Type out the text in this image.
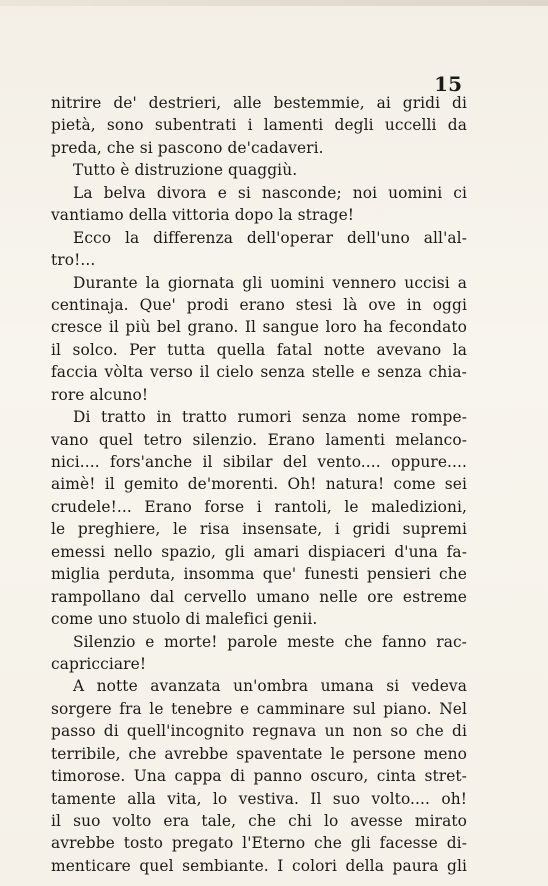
15
nitrire de' destrieri, alle bestemmie, ai gridi di
pietà, sono subentrati i lamenti degli uccelli da
preda, che si pascono de'cadaveri.
Tutto è distruzione quaggiù.
La belva divora e si nasconde; noi uomini ci
vantiamo della vittoria dopo la strage!
Ecco la differenza dell'operar dell'uno all'al-
tro!...
Durante la giornata gli uomini vennero uccisi a
centinaja. Que' prodi erano stesi là ove in oggi
cresce il più bel grano. Il sangue loro ha fecondato
il solco. Per tutta quella fatal notte avevano la
faccia vòlta verso il cielo senza stelle e senza chia-
rore alcuno!
Di tratto in tratto rumori senza nome rompe-
vano quel tetro silenzio. Erano lamenti melanco-
nici.... fors'anche il sibilar del vento.... oppure....
aimè! il gemito de'morenti. Oh! natura! come sei
crudele!... Erano forse i rantoli, le maledizioni,
le preghiere, le risa insensate, i gridi supremi
emessi nello spazio, gli amari dispiaceri d'una fa-
miglia perduta, insomma que' funesti pensieri che
rampollano dal cervello umano nelle ore estreme
come uno stuolo di malefici genii.
Silenzio e morte! parole meste che fanno rac-
capricciare!
A notte avanzata un'ombra umana si vedeva
sorgere fra le tenebre e camminare sul piano. Nel
passo di quell'incognito regnava un non so che di
terribile, che avrebbe spaventate le persone meno
timorose. Una cappa di panno oscuro, cinta stret-
tamente alla vita, lo vestiva. Il suo volto.... oh!
il suo volto era tale, che chi lo avesse mirato
avrebbe tosto pregato l'Eterno che gli facesse di-
menticare quel sembiante. I colori della paura gli
